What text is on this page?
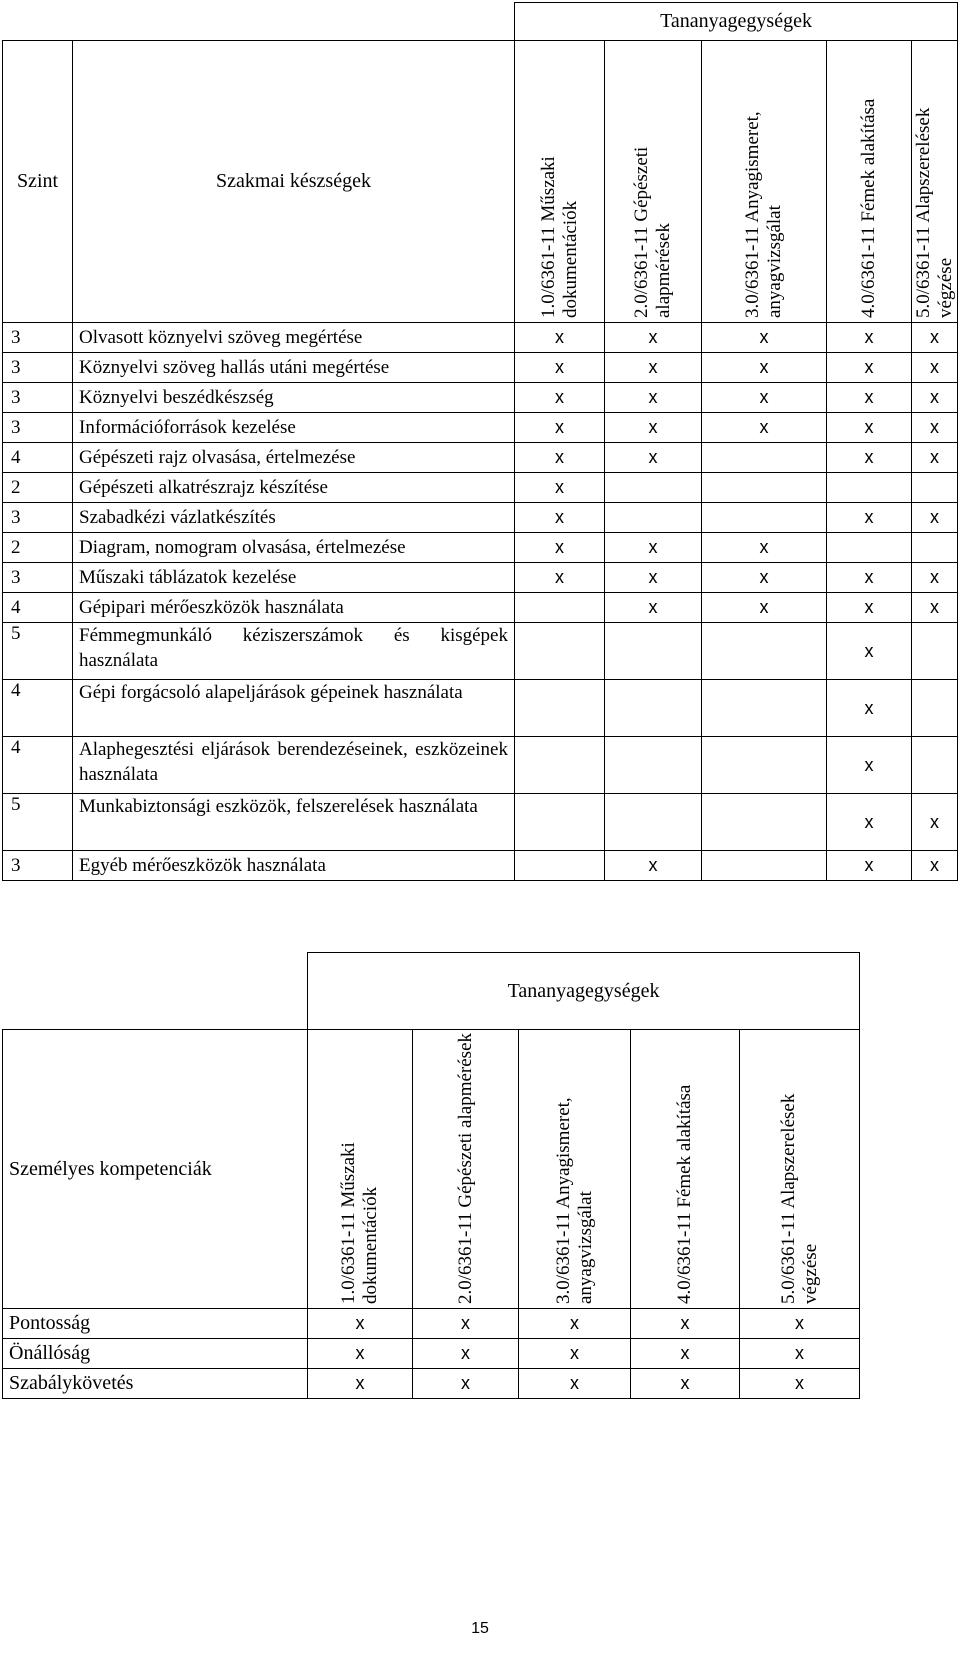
		Tananyagegységek				
Szint	Szakmai készségek	1.0/6361-11 Műszaki dokumentációk	2.0/6361-11 Gépészeti alapmérések	3.0/6361-11 Anyagismeret, anyagvizsgálat	4.0/6361-11 Fémek alakítása	5.0/6361-11 Alapszerelések végzése

3	Olvasott köznyelvi szöveg megértése	x	x	x	x	x
3	Köznyelvi szöveg hallás utáni megértése	x	x	x	x	x
3	Köznyelvi beszédkészség	x	x	x	x	x
3	Információforrások kezelése	x	x	x	x	x
4	Gépészeti rajz olvasása, értelmezése	x	x		x	x
2	Gépészeti alkatrészrajz készítése	x				
3	Szabadkézi vázlatkészítés	x			x	x
2	Diagram, nomogram olvasása, értelmezése	x	x	x		
3	Műszaki táblázatok kezelése	x	x	x	x	x
4	Gépipari mérőeszközök használata		x	x	x	x
5	Fémmegmunkáló kéziszerszámok és kisgépek használata				x	
4	Gépi forgácsoló alapeljárások gépeinek használata				x	
4	Alaphegesztési eljárások berendezéseinek, eszközeinek használata				x	
5	Munkabiztonsági eszközök, felszerelések használata				x	x
3	Egyéb mérőeszközök használata		x		x	x
	Tananyagegységek				
Személyes kompetenciák	1.0/6361-11 Műszaki dokumentációk	2.0/6361-11 Gépészeti alapmérések	3.0/6361-11 Anyagismeret, anyagvizsgálat	4.0/6361-11 Fémek alakítása	5.0/6361-11 Alapszerelések végzése

Pontosság	x	x	x	x	x
Önállóság	x	x	x	x	x
Szabálykövetés	x	x	x	x	x
15
